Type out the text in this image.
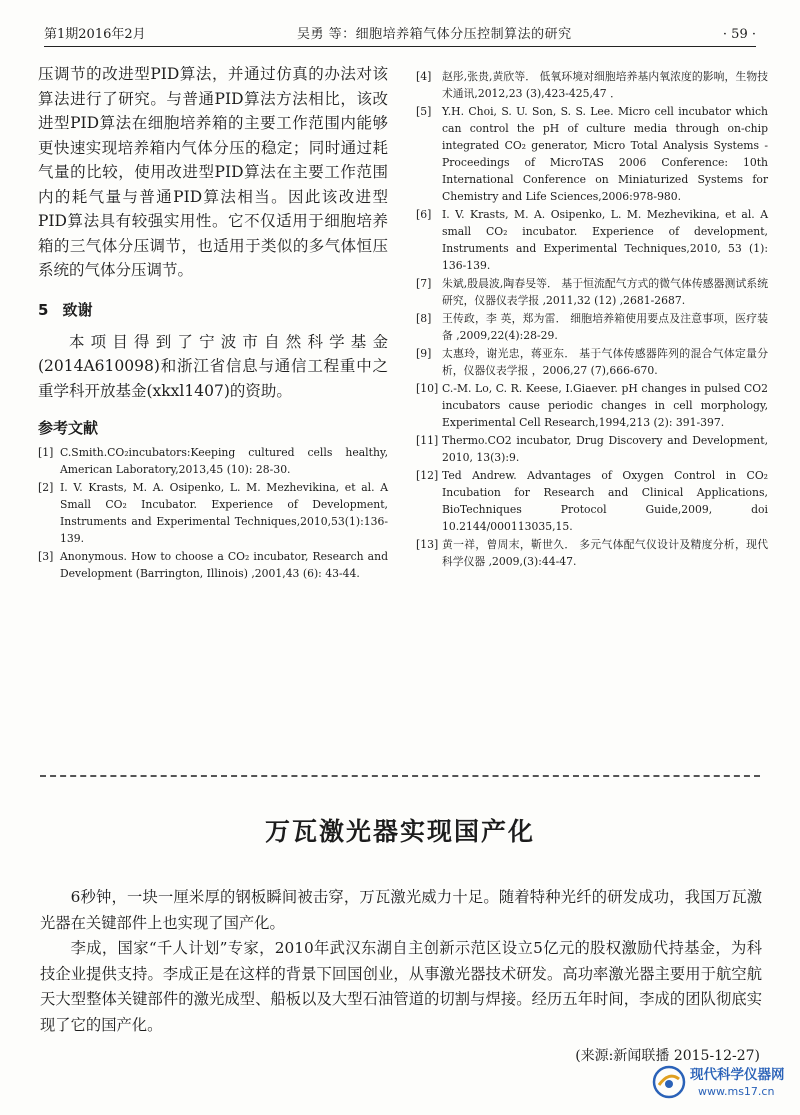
第1期2016年2月	吴勇 等：细胞培养箱气体分压控制算法的研究	· 59 ·

压调节的改进型PID算法，并通过仿真的办法对该算法进行了研究。与普通PID算法方法相比，该改进型PID算法在细胞培养箱的主要工作范围内能够更快速实现培养箱内气体分压的稳定；同时通过耗气量的比较，使用改进型PID算法在主要工作范围内的耗气量与普通PID算法相当。因此该改进型PID算法具有较强实用性。它不仅适用于细胞培养箱的三气体分压调节，也适用于类似的多气体恒压系统的气体分压调节。

5 致谢

本项目得到了宁波市自然科学基金(2014A610098)和浙江省信息与通信工程重中之重学科开放基金(xkxl1407)的资助。

参考文献
[1] C.Smith.CO₂incubators:Keeping cultured cells healthy, American Laboratory,2013,45 (10): 28-30.
[2] I. V. Krasts, M. A. Osipenko, L. M. Mezhevikina, et al. A Small CO₂ Incubator. Experience of Development, Instruments and Experimental Techniques,2010,53(1):136-139.
[3] Anonymous. How to choose a CO₂ incubator, Research and Development (Barrington, Illinois) ,2001,43 (6): 43-44.
[4] 赵彤,张贵,黄欣等． 低氧环境对细胞培养基内氧浓度的影响，生物技术通讯,2012,23 (3),423-425,47 ．
[5] Y.H. Choi, S. U. Son, S. S. Lee. Micro cell incubator which can control the pH of culture media through on-chip integrated CO₂ generator, Micro Total Analysis Systems - Proceedings of MicroTAS 2006 Conference: 10th International Conference on Miniaturized Systems for Chemistry and Life Sciences,2006:978-980.
[6] I. V. Krasts, M. A. Osipenko, L. M. Mezhevikina, et al. A small CO₂ incubator. Experience of development, Instruments and Experimental Techniques,2010, 53 (1): 136-139.
[7] 朱斌,殷晨波,陶春旻等． 基于恒流配气方式的微气体传感器测试系统研究，仪器仪表学报 ,2011,32 (12) ,2681-2687.
[8] 王传政，李 英，郑为雷． 细胞培养箱使用要点及注意事项，医疗装备 ,2009,22(4):28-29.
[9] 太惠玲，谢光忠，蒋亚东． 基于气体传感器阵列的混合气体定量分析，仪器仪表学报 ，2006,27 (7),666-670.
[10] C.-M. Lo, C. R. Keese, I.Giaever. pH changes in pulsed CO2 incubators cause periodic changes in cell morphology, Experimental Cell Research,1994,213 (2): 391-397.
[11] Thermo.CO2 incubator, Drug Discovery and Development, 2010, 13(3):9.
[12] Ted Andrew. Advantages of Oxygen Control in CO₂ Incubation for Research and Clinical Applications, BioTechniques Protocol Guide,2009, doi 10.2144/000113035,15.
[13] 黄一祥，曾周末，靳世久． 多元气体配气仪设计及精度分析，现代科学仪器 ,2009,(3):44-47.
万瓦激光器实现国产化

6秒钟，一块一厘米厚的钢板瞬间被击穿，万瓦激光威力十足。随着特种光纤的研发成功，我国万瓦激光器在关键部件上也实现了国产化。

李成，国家“千人计划”专家，2010年武汉东湖自主创新示范区设立5亿元的股权激励代持基金，为科技企业提供支持。李成正是在这样的背景下回国创业，从事激光器技术研发。高功率激光器主要用于航空航天大型整体关键部件的激光成型、船板以及大型石油管道的切割与焊接。经历五年时间，李成的团队彻底实现了它的国产化。

(来源:新闻联播 2015-12-27)
现代科学仪器网
www.ms17.cn
